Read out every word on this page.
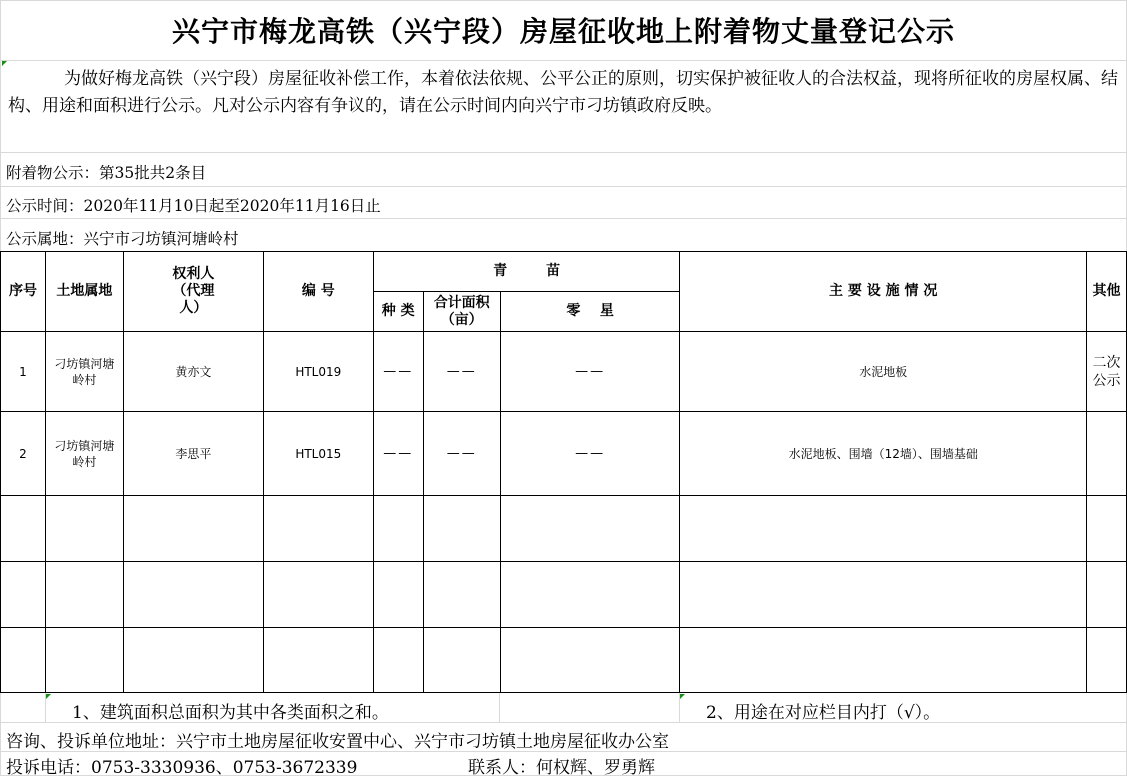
兴宁市梅龙高铁（兴宁段）房屋征收地上附着物丈量登记公示
为做好梅龙高铁（兴宁段）房屋征收补偿工作，本着依法依规、公平公正的原则，切实保护被征收人的合法权益，现将所征收的房屋权属、结构、用途和面积进行公示。凡对公示内容有争议的，请在公示时间内向兴宁市刁坊镇政府反映。
附着物公示：第35批共2条目
公示时间：2020年11月10日起至2020年11月16日止
公示属地：兴宁市刁坊镇河塘岭村
序号	土地属地	权利人（代理人）	编 号	青        苗			主 要 设 施 情 况	其他
				种 类	合计面积（亩）	零    星		
1	刁坊镇河塘岭村	黄亦文	HTL019	——	——	——	水泥地板	二次公示
2	刁坊镇河塘岭村	李思平	HTL015	——	——	——	水泥地板、围墙（12墙）、围墙基础	

1、建筑面积总面积为其中各类面积之和。	2、用途在对应栏目内打（√）。
咨询、投诉单位地址：兴宁市土地房屋征收安置中心、兴宁市刁坊镇土地房屋征收办公室
投诉电话：0753-3330936、0753-3672339	联系人：何权辉、罗勇辉
